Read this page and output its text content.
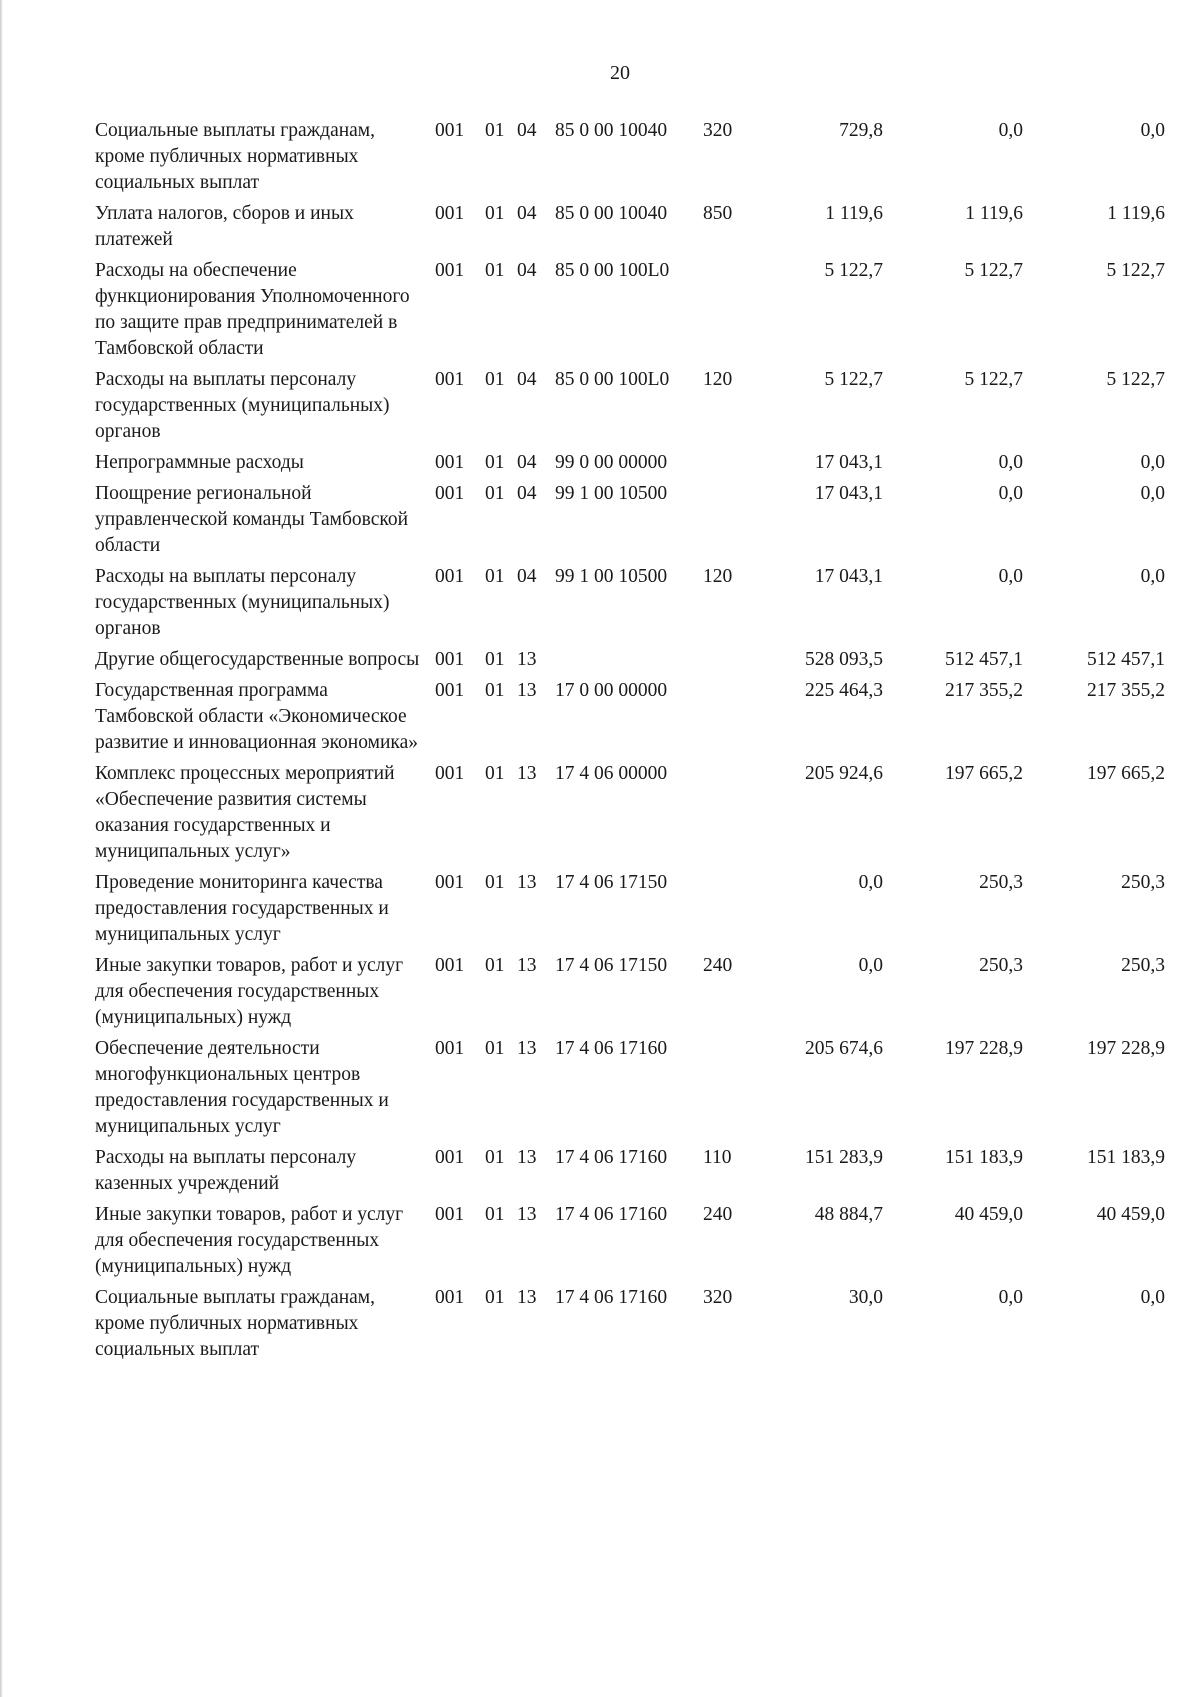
20
Социальные выплаты гражданам, кроме публичных нормативных социальных выплат	001	01	04	85 0 00 10040	320	729,8	0,0	0,0
Уплата налогов, сборов и иных платежей	001	01	04	85 0 00 10040	850	1 119,6	1 119,6	1 119,6
Расходы на обеспечение функционирования Уполномоченного по защите прав предпринимателей в Тамбовской области	001	01	04	85 0 00 100L0		5 122,7	5 122,7	5 122,7
Расходы на выплаты персоналу государственных (муниципальных) органов	001	01	04	85 0 00 100L0	120	5 122,7	5 122,7	5 122,7
Непрограммные расходы	001	01	04	99 0 00 00000		17 043,1	0,0	0,0
Поощрение региональной управленческой команды Тамбовской области	001	01	04	99 1 00 10500		17 043,1	0,0	0,0
Расходы на выплаты персоналу государственных (муниципальных) органов	001	01	04	99 1 00 10500	120	17 043,1	0,0	0,0
Другие общегосударственные вопросы	001	01	13			528 093,5	512 457,1	512 457,1
Государственная программа Тамбовской области «Экономическое развитие и инновационная экономика»	001	01	13	17 0 00 00000		225 464,3	217 355,2	217 355,2
Комплекс процессных мероприятий «Обеспечение развития системы оказания государственных и муниципальных услуг»	001	01	13	17 4 06 00000		205 924,6	197 665,2	197 665,2
Проведение мониторинга качества предоставления государственных и муниципальных услуг	001	01	13	17 4 06 17150		0,0	250,3	250,3
Иные закупки товаров, работ и услуг для обеспечения государственных (муниципальных) нужд	001	01	13	17 4 06 17150	240	0,0	250,3	250,3
Обеспечение деятельности многофункциональных центров предоставления государственных и муниципальных услуг	001	01	13	17 4 06 17160		205 674,6	197 228,9	197 228,9
Расходы на выплаты персоналу казенных учреждений	001	01	13	17 4 06 17160	110	151 283,9	151 183,9	151 183,9
Иные закупки товаров, работ и услуг для обеспечения государственных (муниципальных) нужд	001	01	13	17 4 06 17160	240	48 884,7	40 459,0	40 459,0
Социальные выплаты гражданам, кроме публичных нормативных социальных выплат	001	01	13	17 4 06 17160	320	30,0	0,0	0,0
